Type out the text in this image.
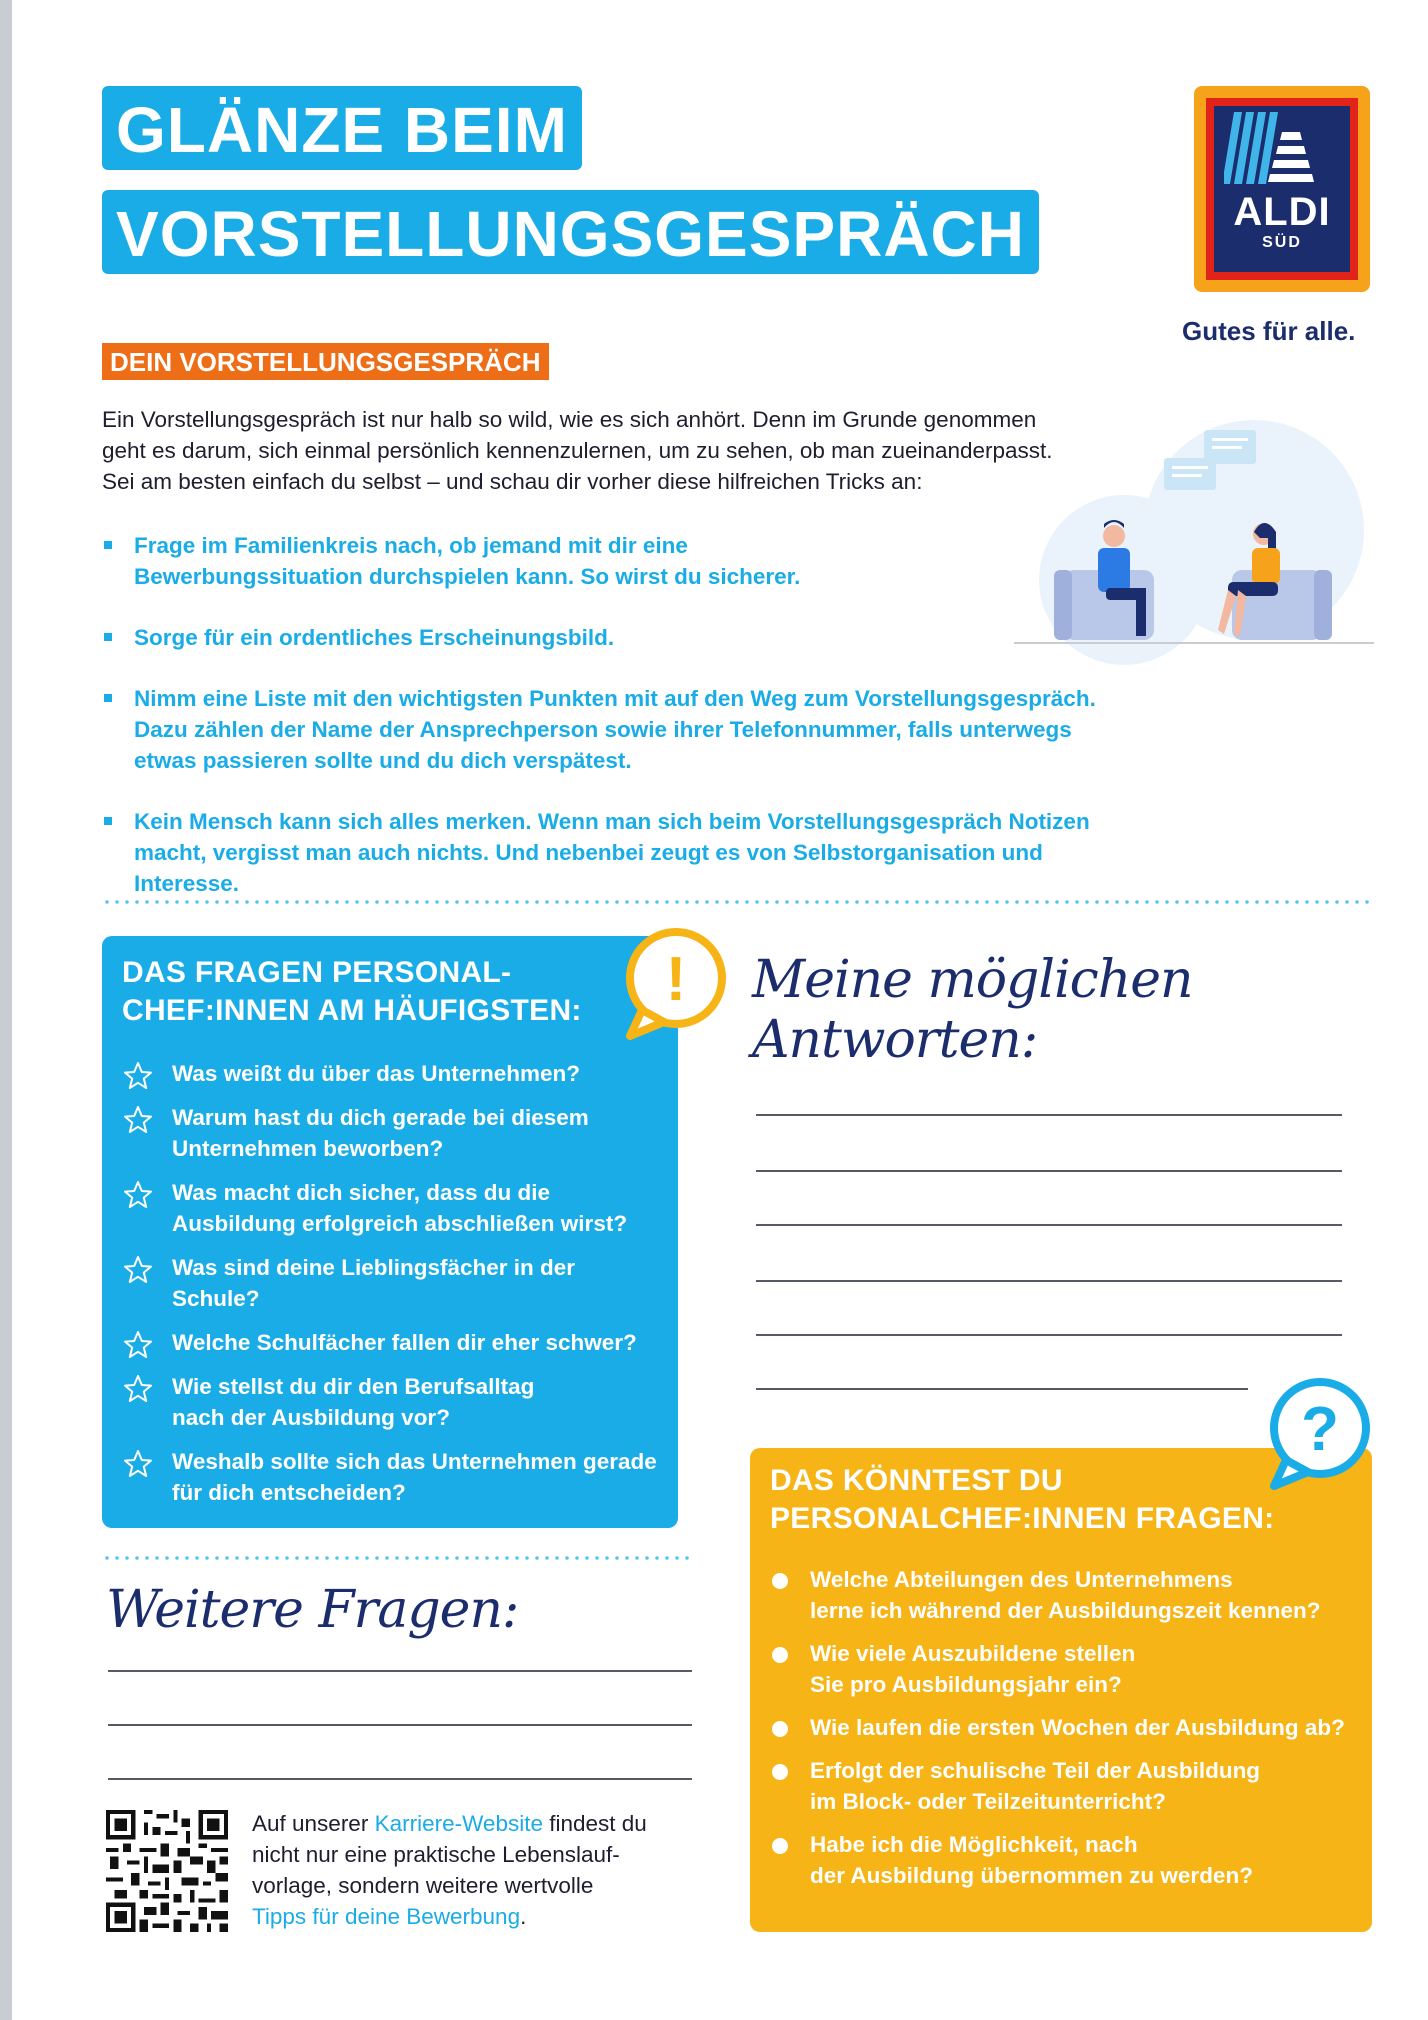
GLÄNZE BEIM
VORSTELLUNGSGESPRÄCH	ALDI
SÜD
Gutes für alle.
DEIN VORSTELLUNGSGESPRÄCH
Ein Vorstellungsgespräch ist nur halb so wild, wie es sich anhört. Denn im Grunde genommen
geht es darum, sich einmal persönlich kennenzulernen, um zu sehen, ob man zueinanderpasst.
Sei am besten einfach du selbst – und schau dir vorher diese hilfreichen Tricks an:
Frage im Familienkreis nach, ob jemand mit dir eine
Bewerbungssituation durchspielen kann. So wirst du sicherer.
Sorge für ein ordentliches Erscheinungsbild.
Nimm eine Liste mit den wichtigsten Punkten mit auf den Weg zum Vorstellungsgespräch.
Dazu zählen der Name der Ansprechperson sowie ihrer Telefonnummer, falls unterwegs
etwas passieren sollte und du dich verspätest.
Kein Mensch kann sich alles merken. Wenn man sich beim Vorstellungsgespräch Notizen
macht, vergisst man auch nichts. Und nebenbei zeugt es von Selbstorganisation und Interesse.
DAS FRAGEN PERSONAL-
CHEF:INNEN AM HÄUFIGSTEN: !
Was weißt du über das Unternehmen?
Warum hast du dich gerade bei diesem
Unternehmen beworben?
Was macht dich sicher, dass du die
Ausbildung erfolgreich abschließen wirst?
Was sind deine Lieblingsfächer in der Schule?
Welche Schulfächer fallen dir eher schwer?
Wie stellst du dir den Berufsalltag
nach der Ausbildung vor?
Weshalb sollte sich das Unternehmen gerade
für dich entscheiden?
Meine möglichen
Antworten:
DAS KÖNNTEST DU
PERSONALCHEF:INNEN FRAGEN:
?
Welche Abteilungen des Unternehmens
lerne ich während der Ausbildungszeit kennen?
Wie viele Auszubildene stellen
Sie pro Ausbildungsjahr ein?
Wie laufen die ersten Wochen der Ausbildung ab?
Erfolgt der schulische Teil der Ausbildung
im Block- oder Teilzeitunterricht?
Habe ich die Möglichkeit, nach
der Ausbildung übernommen zu werden?
Weitere Fragen:
Auf unserer Karriere-Website findest du
nicht nur eine praktische Lebenslauf-
vorlage, sondern weitere wertvolle
Tipps für deine Bewerbung.
